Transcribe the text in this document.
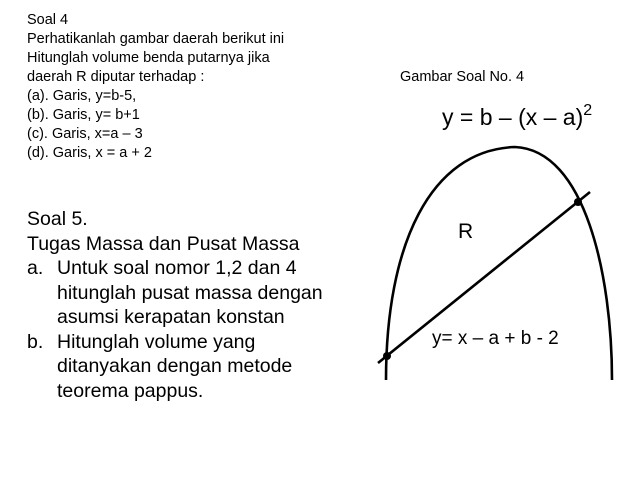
Soal 4
Perhatikanlah gambar daerah berikut ini
Hitunglah volume benda putarnya jika
daerah R diputar terhadap :
(a). Garis, y=b-5,
(b). Garis, y= b+1
(c). Garis, x=a – 3
(d). Garis, x = a + 2
Gambar Soal No. 4
y = b – (x – a)$^2$
R
y= x – a + b - 2
Soal 5.
Tugas Massa dan Pusat Massa
a. Untuk soal nomor 1,2 dan 4
hitunglah pusat massa dengan
asumsi kerapatan konstan
b. Hitunglah volume yang
ditanyakan dengan metode
teorema pappus.
